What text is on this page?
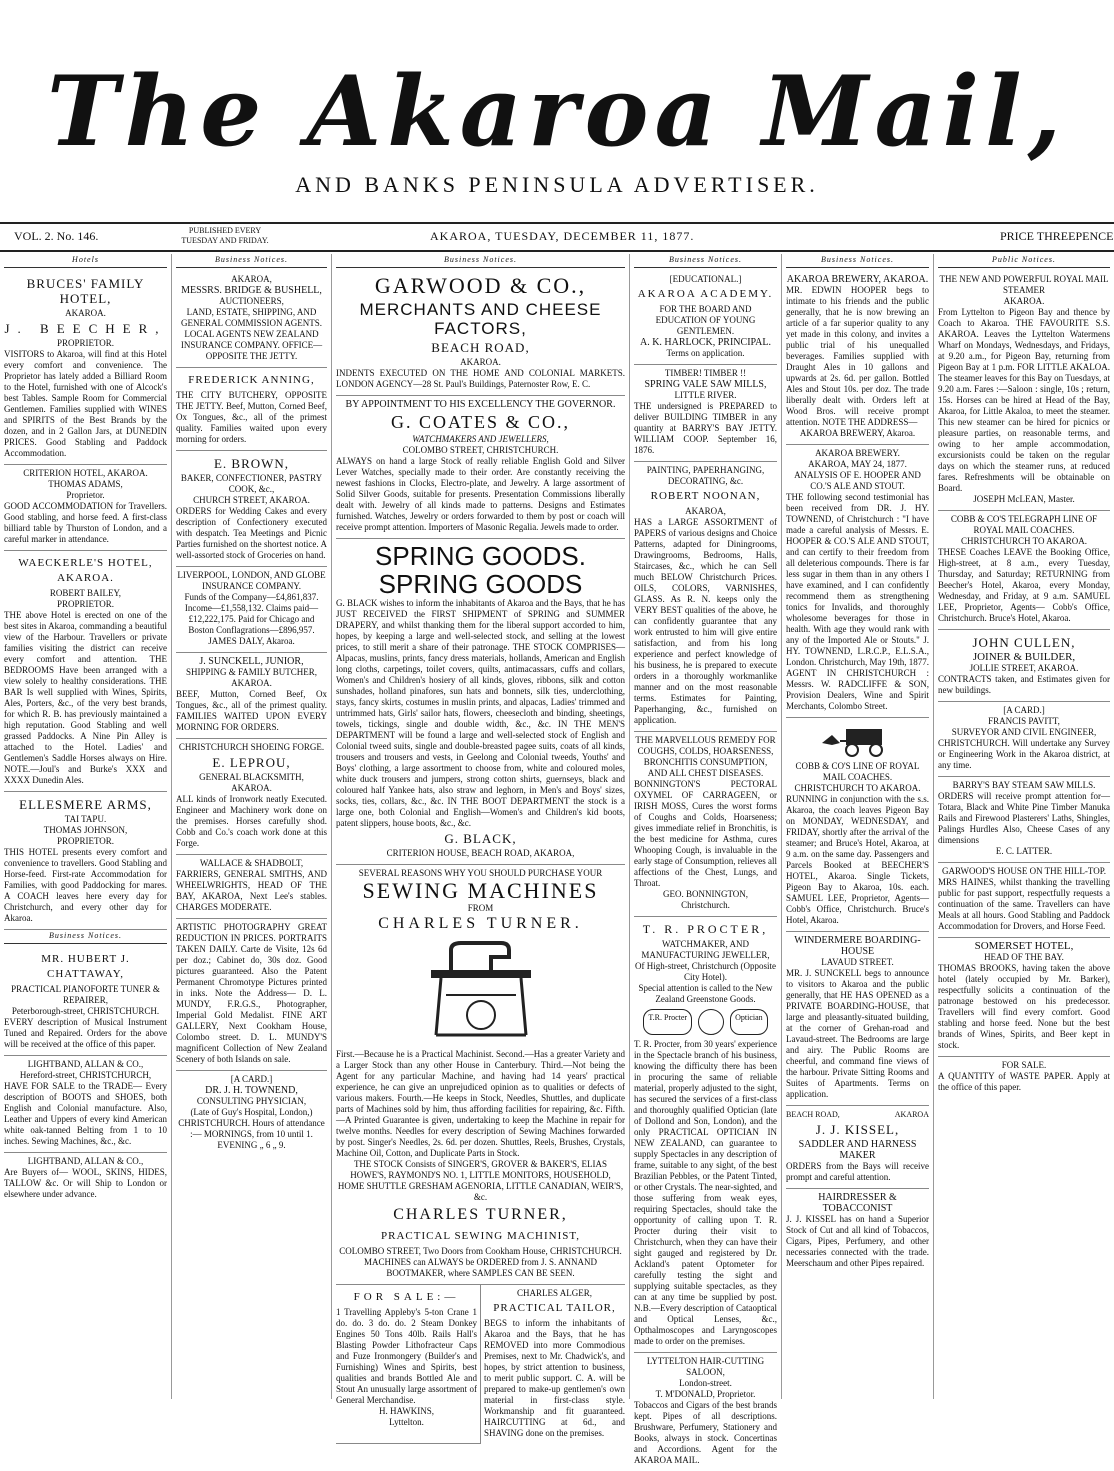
The Akaroa Mail,
AND BANKS PENINSULA ADVERTISER.
VOL. 2. No. 146.	PUBLISHED EVERY TUESDAY AND FRIDAY.	AKAROA, TUESDAY, DECEMBER 11, 1877.	PRICE THREEPENCE
Hotels
BRUCES' FAMILY HOTEL,
AKAROA.
J. BEECHER,
PROPRIETOR.
VISITORS to Akaroa, will find at this Hotel every comfort and convenience. The Proprietor has lately added a Billiard Room to the Hotel, furnished with one of Alcock's best Tables. Sample Room for Commercial Gentlemen. Families supplied with WINES and SPIRITS of the Best Brands by the dozen, and in 2 Gallon Jars, at DUNEDIN PRICES. Good Stabling and Paddock Accommodation.
CRITERION HOTEL, AKAROA.
THOMAS ADAMS,
Proprietor.
GOOD ACCOMMODATION for Travellers. Good stabling, and horse feed. A first-class billiard table by Thurston of London, and a careful marker in attendance.
WAECKERLE'S HOTEL, AKAROA.
ROBERT BAILEY,
PROPRIETOR.
THE above Hotel is erected on one of the best sites in Akaroa, commanding a beautiful view of the Harbour. Travellers or private families visiting the district can receive every comfort and attention. THE BEDROOMS Have been arranged with a view solely to healthy considerations. THE BAR Is well supplied with Wines, Spirits, Ales, Porters, &c., of the very best brands, for which R. B. has previously maintained a high reputation. Good Stabling and well grassed Paddocks. A Nine Pin Alley is attached to the Hotel. Ladies' and Gentlemen's Saddle Horses always on Hire. NOTE.—Joul's and Burke's XXX and XXXX Dunedin Ales.
ELLESMERE ARMS,
TAI TAPU.
THOMAS JOHNSON,
PROPRIETOR.
THIS HOTEL presents every comfort and convenience to travellers. Good Stabling and Horse-feed. First-rate Accommodation for Families, with good Paddocking for mares. A COACH leaves here every day for Christchurch, and every other day for Akaroa.
Business Notices.
MR. HUBERT J. CHATTAWAY,
PRACTICAL PIANOFORTE TUNER & REPAIRER,
Peterborough-street, CHRISTCHURCH.
EVERY description of Musical Instrument Tuned and Repaired. Orders for the above will be received at the office of this paper.
LIGHTBAND, ALLAN & CO.,
Hereford-street, CHRISTCHURCH,
HAVE FOR SALE to the TRADE— Every description of BOOTS and SHOES, both English and Colonial manufacture. Also, Leather and Uppers of every kind American white oak-tanned Belting from 1 to 10 inches. Sewing Machines, &c., &c.
LIGHTBAND, ALLAN & CO.,
Are Buyers of— WOOL, SKINS, HIDES, TALLOW &c. Or will Ship to London or elsewhere under advance.
Business Notices.
AKAROA,
MESSRS. BRIDGE & BUSHELL,
AUCTIONEERS,
LAND, ESTATE, SHIPPING, AND GENERAL COMMISSION AGENTS. LOCAL AGENTS NEW ZEALAND INSURANCE COMPANY. OFFICE—OPPOSITE THE JETTY.
FREDERICK ANNING,
THE CITY BUTCHERY, OPPOSITE THE JETTY. Beef, Mutton, Corned Beef, Ox Tongues, &c., all of the primest quality. Families waited upon every morning for orders.
E. BROWN,
BAKER, CONFECTIONER, PASTRY COOK, &c.,
CHURCH STREET, AKAROA.
ORDERS for Wedding Cakes and every description of Confectionery executed with despatch. Tea Meetings and Picnic Parties furnished on the shortest notice. A well-assorted stock of Groceries on hand.
LIVERPOOL, LONDON, AND GLOBE INSURANCE COMPANY.
Funds of the Company—£4,861,837. Income—£1,558,132. Claims paid—£12,222,175. Paid for Chicago and Boston Conflagrations—£896,957. JAMES DALY, Akaroa.
J. SUNCKELL, JUNIOR,
SHIPPING & FAMILY BUTCHER, AKAROA.
BEEF, Mutton, Corned Beef, Ox Tongues, &c., all of the primest quality. FAMILIES WAITED UPON EVERY MORNING FOR ORDERS.
CHRISTCHURCH SHOEING FORGE.
E. LEPROU,
GENERAL BLACKSMITH,
AKAROA.
ALL kinds of Ironwork neatly Executed. Engineer and Machinery work done on the premises. Horses carefully shod. Cobb and Co.'s coach work done at this Forge.
WALLACE & SHADBOLT,
FARRIERS, GENERAL SMITHS, AND WHEELWRIGHTS, HEAD OF THE BAY, AKAROA, Next Lee's stables. CHARGES MODERATE.
ARTISTIC PHOTOGRAPHY GREAT REDUCTION IN PRICES. PORTRAITS TAKEN DAILY. Carte de Visite, 12s 6d per doz.; Cabinet do, 30s doz. Good pictures guaranteed. Also the Patent Permanent Chromotype Pictures printed in inks. Note the Address— D. L. MUNDY, F.R.G.S., Photographer, Imperial Gold Medalist. FINE ART GALLERY, Next Cookham House, Colombo street. D. L. MUNDY'S magnificent Collection of New Zealand Scenery of both Islands on sale.
[A CARD.]
DR. J. H. TOWNEND,
CONSULTING PHYSICIAN,
(Late of Guy's Hospital, London,) CHRISTCHURCH. Hours of attendance :— MORNINGS, from 10 until 1. EVENING „ 6 „ 9.
Business Notices.
GARWOOD & CO.,
MERCHANTS AND CHEESE FACTORS,
BEACH ROAD,
AKAROA.
INDENTS EXECUTED ON THE HOME AND COLONIAL MARKETS. LONDON AGENCY—28 St. Paul's Buildings, Paternoster Row, E. C.
BY APPOINTMENT TO HIS EXCELLENCY THE GOVERNOR.
G. COATES & CO.,
WATCHMAKERS AND JEWELLERS,
COLOMBO STREET, CHRISTCHURCH.
ALWAYS on hand a large Stock of really reliable English Gold and Silver Lever Watches, specially made to their order. Are constantly receiving the newest fashions in Clocks, Electro-plate, and Jewelry. A large assortment of Solid Silver Goods, suitable for presents. Presentation Commissions liberally dealt with. Jewelry of all kinds made to patterns. Designs and Estimates furnished. Watches, Jewelry or orders forwarded to them by post or coach will receive prompt attention. Importers of Masonic Regalia. Jewels made to order.
SPRING GOODS. SPRING GOODS
G. BLACK wishes to inform the inhabitants of Akaroa and the Bays, that he has JUST RECEIVED the FIRST SHIPMENT of SPRING and SUMMER DRAPERY, and whilst thanking them for the liberal support accorded to him, hopes, by keeping a large and well-selected stock, and selling at the lowest prices, to still merit a share of their patronage. THE STOCK COMPRISES—Alpacas, muslins, prints, fancy dress materials, hollands, American and English long cloths, carpetings, toilet covers, quilts, antimacassars, cuffs and collars, Women's and Children's hosiery of all kinds, gloves, ribbons, silk and cotton sunshades, holland pinafores, sun hats and bonnets, silk ties, underclothing, stays, fancy skirts, costumes in muslin prints, and alpacas, Ladies' trimmed and untrimmed hats, Girls' sailor hats, flowers, cheesecloth and binding, sheetings, towels, tickings, single and double width, &c., &c. IN THE MEN'S DEPARTMENT will be found a large and well-selected stock of English and Colonial tweed suits, single and double-breasted pagee suits, coats of all kinds, trousers and trousers and vests, in Geelong and Colonial tweeds, Youths' and Boys' clothing, a large assortment to choose from, white and coloured moles, white duck trousers and jumpers, strong cotton shirts, guernseys, black and coloured half Yankee hats, also straw and leghorn, in Men's and Boys' sizes, socks, ties, collars, &c., &c. IN THE BOOT DEPARTMENT the stock is a large one, both Colonial and English—Women's and Children's kid boots, patent slippers, house boots, &c., &c.
G. BLACK,
CRITERION HOUSE, BEACH ROAD, AKAROA,
SEVERAL REASONS WHY YOU SHOULD PURCHASE YOUR
SEWING MACHINES
FROM
CHARLES TURNER.
First.—Because he is a Practical Machinist. Second.—Has a greater Variety and a Larger Stock than any other House in Canterbury. Third.—Not being the Agent for any particular Machine, and having had 14 years' practical experience, he can give an unprejudiced opinion as to qualities or defects of various makers. Fourth.—He keeps in Stock, Needles, Shuttles, and duplicate parts of Machines sold by him, thus affording facilities for repairing, &c. Fifth.—A Printed Guarantee is given, undertaking to keep the Machine in repair for twelve months. Needles for every description of Sewing Machines forwarded by post. Singer's Needles, 2s. 6d. per dozen. Shuttles, Reels, Brushes, Crystals, Machine Oil, Cotton, and Duplicate Parts in Stock.
THE STOCK Consists of SINGER'S, GROVER & BAKER'S, ELIAS HOWE'S, RAYMOND'S NO. 1, LITTLE MONITORS, HOUSEHOLD, HOME SHUTTLE GRESHAM AGENORIA, LITTLE CANADIAN, WEIR'S, &c.
CHARLES TURNER,
PRACTICAL SEWING MACHINIST,
COLOMBO STREET, Two Doors from Cookham House, CHRISTCHURCH.
MACHINES can ALWAYS be ORDERED from J. S. ANNAND BOOTMAKER, where SAMPLES CAN BE SEEN.
FOR SALE:—
1 Travelling Appleby's 5-ton Crane 1 do. do. 3 do. do. 2 Steam Donkey Engines 50 Tons 40lb. Rails Hall's Blasting Powder Lithofracteur Caps and Fuze Ironmongery (Builder's and Furnishing) Wines and Spirits, best qualities and brands Bottled Ale and Stout An unusually large assortment of General Merchandise.
H. HAWKINS,
Lyttelton.
CHARLES ALGER,
PRACTICAL TAILOR,
BEGS to inform the inhabitants of Akaroa and the Bays, that he has REMOVED into more Commodious Premises, next to Mr. Chadwick's, and hopes, by strict attention to business, to merit public support. C. A. will be prepared to make-up gentlemen's own material in first-class style. Workmanship and fit guaranteed. HAIRCUTTING at 6d., and SHAVING done on the premises.
Business Notices.
[EDUCATIONAL.]
AKAROA ACADEMY.
FOR THE BOARD AND EDUCATION OF YOUNG GENTLEMEN.
A. K. HARLOCK, PRINCIPAL.
Terms on application.
TIMBER! TIMBER !!
SPRING VALE SAW MILLS,
LITTLE RIVER.
THE undersigned is PREPARED to deliver BUILDING TIMBER in any quantity at BARRY'S BAY JETTY. WILLIAM COOP. September 16, 1876.
PAINTING, PAPERHANGING, DECORATING, &c.
ROBERT NOONAN,
AKAROA,
HAS a LARGE ASSORTMENT of PAPERS of various designs and Choice Patterns, adapted for Diningrooms, Drawingrooms, Bedrooms, Halls, Staircases, &c., which he can Sell much BELOW Christchurch Prices. OILS, COLORS, VARNISHES, GLASS. As R. N. keeps only the VERY BEST qualities of the above, he can confidently guarantee that any work entrusted to him will give entire satisfaction, and from his long experience and perfect knowledge of his business, he is prepared to execute orders in a thoroughly workmanlike manner and on the most reasonable terms. Estimates for Painting, Paperhanging, &c., furnished on application.
THE MARVELLOUS REMEDY FOR COUGHS, COLDS, HOARSENESS, BRONCHITIS CONSUMPTION, AND ALL CHEST DISEASES.
BONNINGTON'S PECTORAL OXYMEL OF CARRAGEEN, or IRISH MOSS, Cures the worst forms of Coughs and Colds, Hoarseness; gives immediate relief in Bronchitis, is the best medicine for Asthma, cures Whooping Cough, is invaluable in the early stage of Consumption, relieves all affections of the Chest, Lungs, and Throat.
GEO. BONNINGTON,
Christchurch.
T. R. PROCTER,
WATCHMAKER, AND MANUFACTURING JEWELLER,
Of High-street, Christchurch (Opposite City Hotel).
Special attention is called to the New Zealand Greenstone Goods.
T.R. Procter	Optician
T. R. Procter, from 30 years' experience in the Spectacle branch of his business, knowing the difficulty there has been in procuring the same of reliable material, properly adjusted to the sight, has secured the services of a first-class and thoroughly qualified Optician (late of Dollond and Son, London), and the only PRACTICAL OPTICIAN IN NEW ZEALAND, can guarantee to supply Spectacles in any description of frame, suitable to any sight, of the best Brazilian Pebbles, or the Patent Tinted, or other Crystals. The near-sighted, and those suffering from weak eyes, requiring Spectacles, should take the opportunity of calling upon T. R. Procter during their visit to Christchurch, when they can have their sight gauged and registered by Dr. Ackland's patent Optometer for carefully testing the sight and supplying suitable spectacles, as they can at any time be supplied by post. N.B.—Every description of Cataoptical and Optical Lenses, &c., Opthalmoscopes and Laryngoscopes made to order on the premises.
LYTTELTON HAIR-CUTTING SALOON,
London-street.
T. M'DONALD, Proprietor.
Tobaccos and Cigars of the best brands kept. Pipes of all descriptions. Brushware, Perfumery, Stationery and Books, always in stock. Concertinas and Accordions. Agent for the AKAROA MAIL.
Business Notices.
AKAROA BREWERY, AKAROA.
MR. EDWIN HOOPER begs to intimate to his friends and the public generally, that he is now brewing an article of a far superior quality to any yet made in this colony, and invites a public trial of his unequalled beverages. Families supplied with Draught Ales in 10 gallons and upwards at 2s. 6d. per gallon. Bottled Ales and Stout 10s. per doz. The trade liberally dealt with. Orders left at Wood Bros. will receive prompt attention. NOTE THE ADDRESS—
AKAROA BREWERY, Akaroa.
AKAROA BREWERY.
AKAROA, MAY 24, 1877.
ANALYSIS OF E. HOOPER AND CO.'S ALE AND STOUT.
THE following second testimonial has been received from DR. J. HY. TOWNEND, of Christchurch : "I have made a careful analysis of Messrs. E. HOOPER & CO.'S ALE AND STOUT, and can certify to their freedom from all deleterious compounds. There is far less sugar in them than in any others I have examined, and I can confidently recommend them as strengthening tonics for Invalids, and thoroughly wholesome beverages for those in health. With age they would rank with any of the Imported Ale or Stouts." J. HY. TOWNEND, L.R.C.P., E.L.S.A., London. Christchurch, May 19th, 1877. AGENT IN CHRISTCHURCH : Messrs. W. RADCLIFFE & SON, Provision Dealers, Wine and Spirit Merchants, Colombo Street.
COBB & CO'S LINE OF ROYAL MAIL COACHES.
CHRISTCHURCH TO AKAROA.
RUNNING in conjunction with the s.s. Akaroa, the coach leaves Pigeon Bay on MONDAY, WEDNESDAY, and FRIDAY, shortly after the arrival of the steamer; and Bruce's Hotel, Akaroa, at 9 a.m. on the same day. Passengers and Parcels Booked at BEECHER'S HOTEL, Akaroa. Single Tickets, Pigeon Bay to Akaroa, 10s. each. SAMUEL LEE, Proprietor, Agents— Cobb's Office, Christchurch. Bruce's Hotel, Akaroa.
WINDERMERE BOARDING-HOUSE
LAVAUD STREET.
MR. J. SUNCKELL begs to announce to visitors to Akaroa and the public generally, that HE HAS OPENED as a PRIVATE BOARDING-HOUSE, that large and pleasantly-situated building, at the corner of Grehan-road and Lavaud-street. The Bedrooms are large and airy. The Public Rooms are cheerful, and command fine views of the harbour. Private Sitting Rooms and Suites of Apartments. Terms on application.
BEACH ROAD,	AKAROA
J. J. KISSEL,
SADDLER AND HARNESS MAKER
ORDERS from the Bays will receive prompt and careful attention.
HAIRDRESSER & TOBACCONIST
J. J. KISSEL has on hand a Superior Stock of Cut and all kind of Tobaccos, Cigars, Pipes, Perfumery, and other necessaries connected with the trade. Meerschaum and other Pipes repaired.
Public Notices.
THE NEW AND POWERFUL ROYAL MAIL STEAMER
AKAROA.
From Lyttelton to Pigeon Bay and thence by Coach to Akaroa. THE FAVOURITE S.S. AKAROA. Leaves the Lyttelton Watermens Wharf on Mondays, Wednesdays, and Fridays, at 9.20 a.m., for Pigeon Bay, returning from Pigeon Bay at 1 p.m. FOR LITTLE AKALOA. The steamer leaves for this Bay on Tuesdays, at 9.20 a.m. Fares :—Saloon : single, 10s ; return, 15s. Horses can be hired at Head of the Bay, Akaroa, for Little Akaloa, to meet the steamer. This new steamer can be hired for picnics or pleasure parties, on reasonable terms, and owing to her ample accommodation, excursionists could be taken on the regular days on which the steamer runs, at reduced fares. Refreshments will be obtainable on Board.
JOSEPH McLEAN, Master.
COBB & CO'S TELEGRAPH LINE OF ROYAL MAIL COACHES.
CHRISTCHURCH TO AKAROA.
THESE Coaches LEAVE the Booking Office, High-street, at 8 a.m., every Tuesday, Thursday, and Saturday; RETURNING from Beecher's Hotel, Akaroa, every Monday, Wednesday, and Friday, at 9 a.m. SAMUEL LEE, Proprietor, Agents— Cobb's Office, Christchurch. Bruce's Hotel, Akaroa.
JOHN CULLEN,
JOINER & BUILDER,
JOLLIE STREET, AKAROA.
CONTRACTS taken, and Estimates given for new buildings.
[A CARD.]
FRANCIS PAVITT,
SURVEYOR AND CIVIL ENGINEER,
CHRISTCHURCH. Will undertake any Survey or Engineering Work in the Akaroa district, at any time.
BARRY'S BAY STEAM SAW MILLS.
ORDERS will receive prompt attention for— Totara, Black and White Pine Timber Manuka Rails and Firewood Plasterers' Laths, Shingles, Palings Hurdles Also, Cheese Cases of any dimensions
E. C. LATTER.
GARWOOD'S HOUSE ON THE HILL-TOP.
MRS HAINES, whilst thanking the travelling public for past support, respectfully requests a continuation of the same. Travellers can have Meals at all hours. Good Stabling and Paddock Accommodation for Drovers, and Horse Feed.
SOMERSET HOTEL,
HEAD OF THE BAY.
THOMAS BROOKS, having taken the above hotel (lately occupied by Mr. Barker), respectfully solicits a continuation of the patronage bestowed on his predecessor. Travellers will find every comfort. Good stabling and horse feed. None but the best brands of Wines, Spirits, and Beer kept in stock.
FOR SALE.
A QUANTITY of WASTE PAPER. Apply at the office of this paper.
